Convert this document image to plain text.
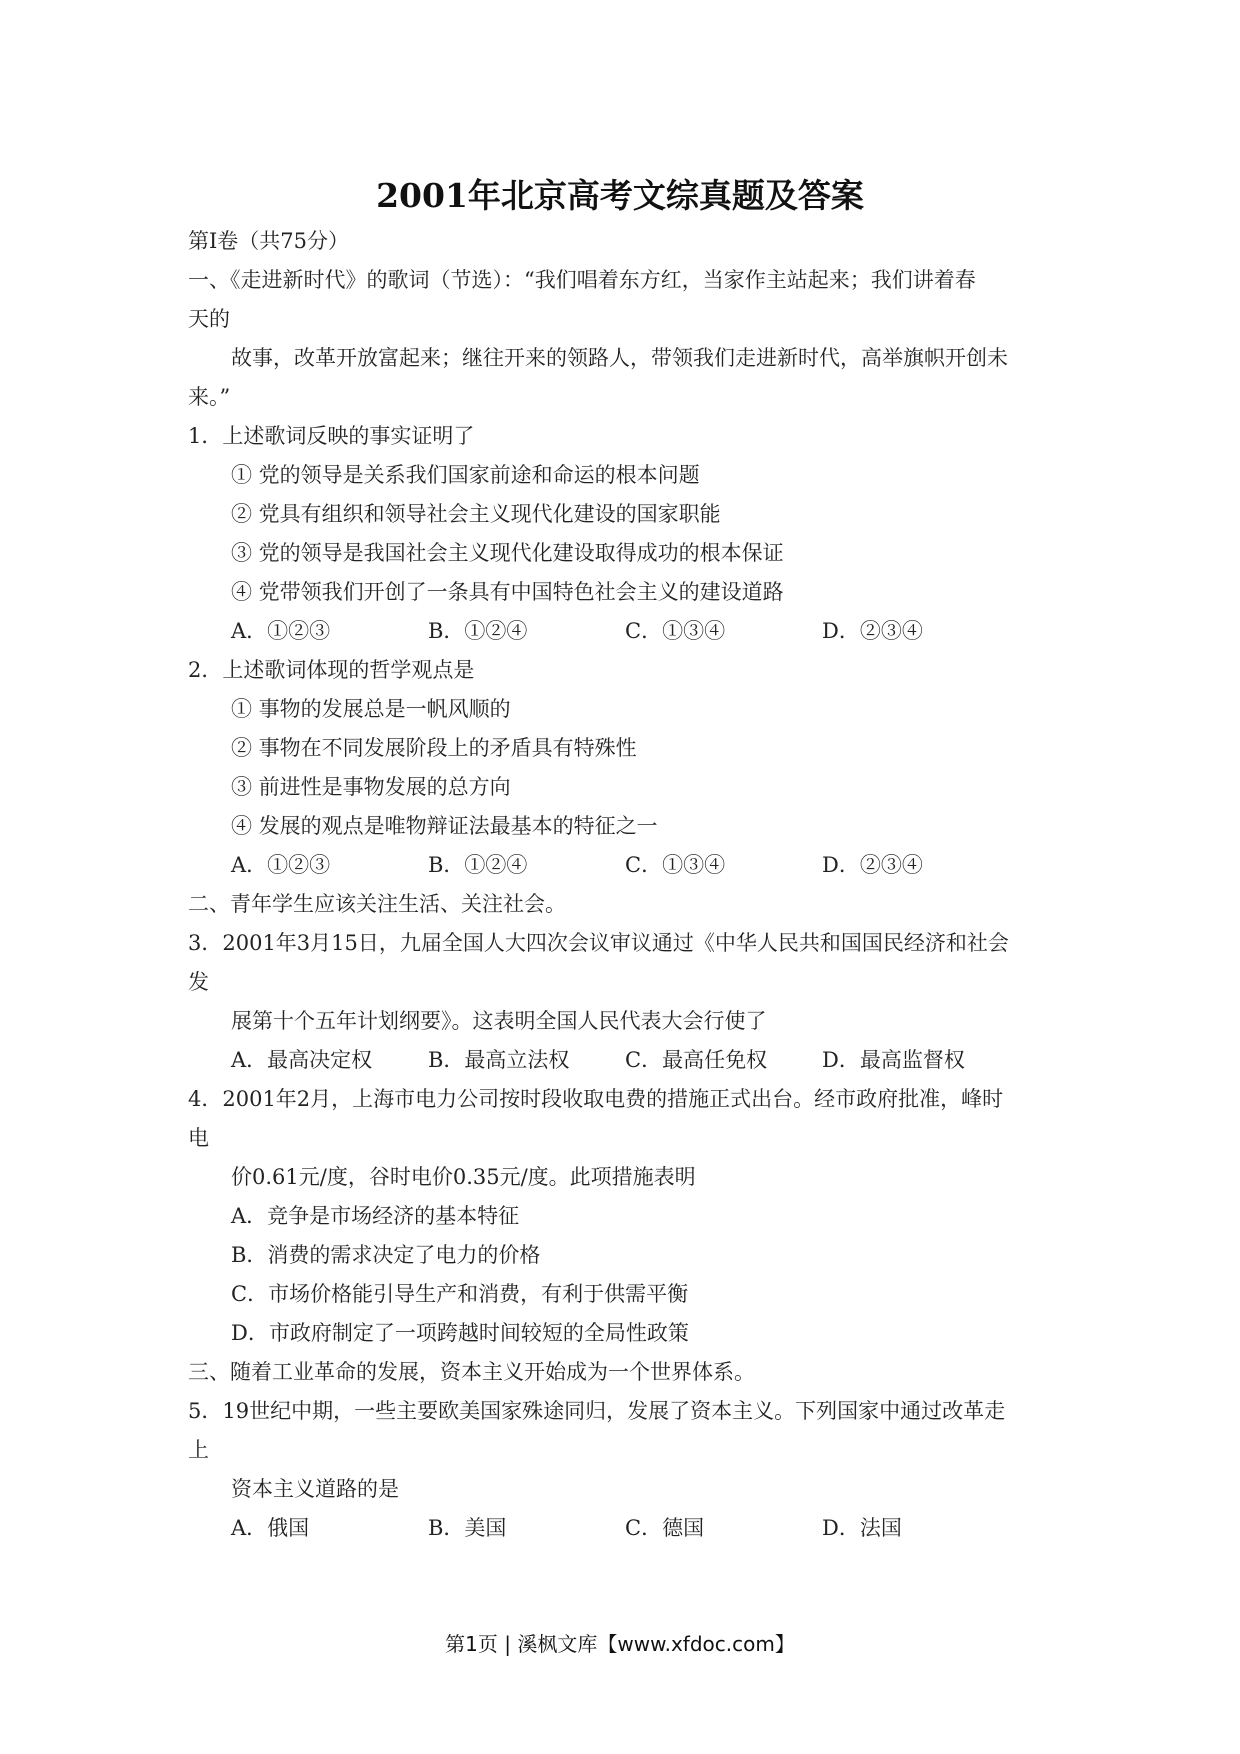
2001年北京高考文综真题及答案
第Ⅰ卷（共75分）
一、《走进新时代》的歌词（节选）：“我们唱着东方红，当家作主站起来；我们讲着春
天的
故事，改革开放富起来；继往开来的领路人，带领我们走进新时代，高举旗帜开创未
来。”
1．上述歌词反映的事实证明了
① 党的领导是关系我们国家前途和命运的根本问题
② 党具有组织和领导社会主义现代化建设的国家职能
③ 党的领导是我国社会主义现代化建设取得成功的根本保证
④ 党带领我们开创了一条具有中国特色社会主义的建设道路
A．①②③	B．①②④	C．①③④	D．②③④
2．上述歌词体现的哲学观点是
① 事物的发展总是一帆风顺的
② 事物在不同发展阶段上的矛盾具有特殊性
③ 前进性是事物发展的总方向
④ 发展的观点是唯物辩证法最基本的特征之一
A．①②③	B．①②④	C．①③④	D．②③④
二、青年学生应该关注生活、关注社会。
3．2001年3月15日，九届全国人大四次会议审议通过《中华人民共和国国民经济和社会
发
展第十个五年计划纲要》。这表明全国人民代表大会行使了
A．最高决定权	B．最高立法权	C．最高任免权	D．最高监督权
4．2001年2月，上海市电力公司按时段收取电费的措施正式出台。经市政府批准，峰时
电
价0.61元/度，谷时电价0.35元/度。此项措施表明
A．竞争是市场经济的基本特征
B．消费的需求决定了电力的价格
C．市场价格能引导生产和消费，有利于供需平衡
D．市政府制定了一项跨越时间较短的全局性政策
三、随着工业革命的发展，资本主义开始成为一个世界体系。
5．19世纪中期，一些主要欧美国家殊途同归，发展了资本主义。下列国家中通过改革走
上
资本主义道路的是
A．俄国	B．美国	C．德国	D．法国
第1页 | 溪枫文库【www.xfdoc.com】
